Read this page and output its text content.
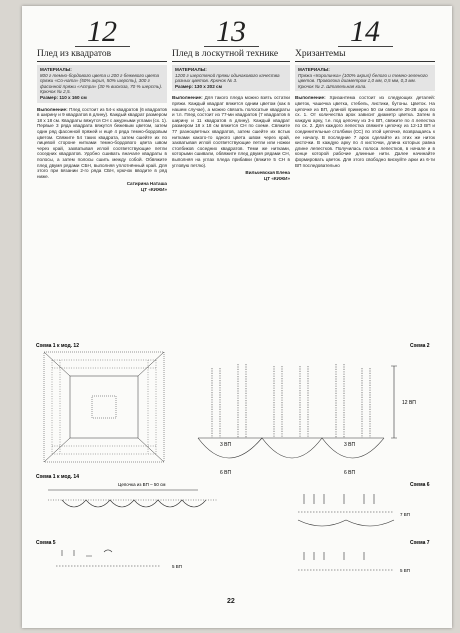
12
Плед из квадратов
МАТЕРИАЛЫ:
800 г темно-бордового цвета и 200 г бежевого цвета пряжи «Со-ната» (50% акрил, 50% шерсть), 300 г фасонной пряжи «Астра» (30 % вискоза, 70 % шерсть). Крючок № 2,5.
Размер: 110 х 160 см
Выполнение: Плед состоит из 54-х квадратов (6 квадратов в ширину и 9 квадратов в длину). Каждый квадрат размером 18 х 18 см. Квадраты вяжутся СН с ажурными углами (сх. 1). Первые 3 ряда квадрата вяжутся бежевым цветом, затем один ряд фасонной пряжей и ещё 4 ряда темно-бордовым цветом. Свяжите 54 таких квадрата, затем сшейте их по лицевой стороне нитками темно-бордового цвета швом через край, захватывая иглой соответствующие петли соседних квадратов. Удобно сшивать вначале квадраты в полосы, а затем полосы сшить между собой. Обвяжите плед двумя рядами СБН, выполняя уплотнённый край. Для этого при вязании 2-го ряда СБН, крючок вводите в ряд ниже.
Сатирина Наташа
ЦТ «КИЖИ»
13
Плед в лоскутной технике
МАТЕРИАЛЫ:
1200 г шерстяной пряжи одинакового качества разных цветов. Крючок № 3.
Размер: 130 х 202 см
Выполнение: Для такого пледа можно взять остатки пряжи. Каждый квадрат вяжется одним цветом (как в нашем случае), а можно связать полосатые квадраты и т.п. Плед состоит из 77-ми квадратов (7 квадратов в ширину и 11 квадратов в длину). Каждый квадрат размером 18 х 18 см вяжется СН по схеме. Свяжите 77 разноцветных квадратов, затем сшейте их встык нитками какого-то одного цвета швом через край, захватывая иглой соответствующие петли или ножки столбиков соседних квадратов. Теми же нитками, которыми сшивали, обвяжите плед двумя рядами СН, выполняя на углах пледа прибавки (вяжите 5 СН в угловую петлю).
Вильчевская Елена
ЦТ «КИЖИ»
14
Хризантемы
МАТЕРИАЛЫ:
Пряжа «Королинка» (100% акрил) белого и темно-зеленого цветов. Проволока диаметром 1,0 мм, 0,5 мм, 0,3 мм. Крючок № 2. Штапельная кола.
Выполнение: Хризантема состоит из следующих деталей: цветок, чашечка цветка, стебель, листики, бутоны. Цветок. На цепочке из ВП, длиной примерно 50 см свяжите 26-28 арок по сх. 1. От количества арок зависит диаметр цветка. Затем в каждую арку, т.е. под цепочку из 3-х ВП, свяжите по 4 лепестка по сх. 2. Для каждого лепестка свяжите цепочку из 12-13 ВП и соединительные столбики (СС) по этой цепочке, возвращаясь к ее началу. В последние 7 арок сделайте из этих же ниток кисточки. В каждую арку по 4 кисточки, длина которых равна длине лепестков. Получилась полоса лепестков, в начале и в конце которой рабочие длинные нити. Далее начинайте формировать цветок. Для этого свободно вискуйте арки из 6-ти ВП последовательно
Схема 1 к мод. 12	Схема 2
12 ВП
3 ВП	3 ВП
6 ВП	6 ВП
Схема 1 к мод. 14
Цепочка из ВП – 50 см	Схема 6
7 ВП
Схема 5
5 ВП
Схема 7
5 ВП
22
